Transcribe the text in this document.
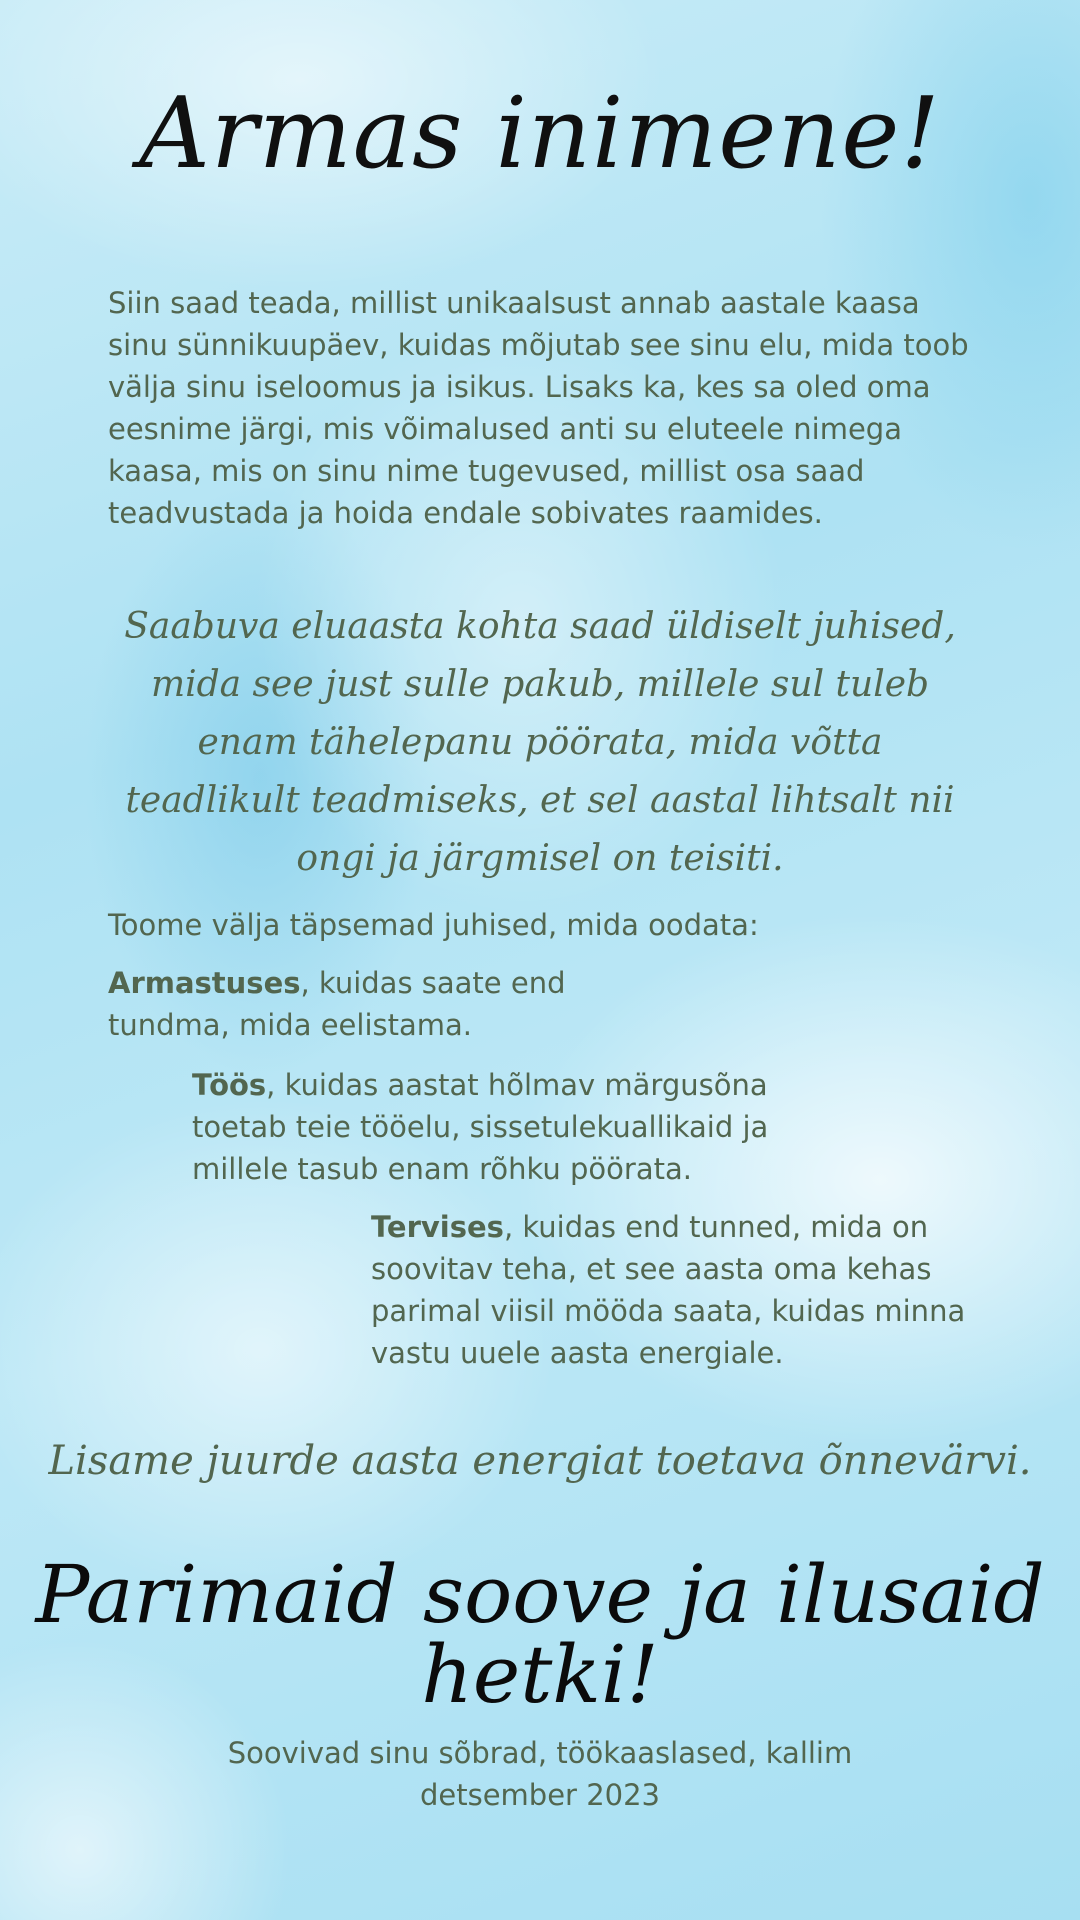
Armas inimene!
Siin saad teada, millist unikaalsust annab aastale kaasa sinu sünnikuupäev, kuidas mõjutab see sinu elu, mida toob välja sinu iseloomus ja isikus. Lisaks ka, kes sa oled oma eesnime järgi, mis võimalused anti su eluteele nimega kaasa, mis on sinu nime tugevused, millist osa saad teadvustada ja hoida endale sobivates raamides.
Saabuva eluaasta kohta saad üldiselt juhised, mida see just sulle pakub, millele sul tuleb enam tähelepanu pöörata, mida võtta teadlikult teadmiseks, et sel aastal lihtsalt nii ongi ja järgmisel on teisiti.
Toome välja täpsemad juhised, mida oodata:
Armastuses, kuidas saate end tundma, mida eelistama.
Töös, kuidas aastat hõlmav märgusõna toetab teie tööelu, sissetulekuallikaid ja millele tasub enam rõhku pöörata.
Tervises, kuidas end tunned, mida on soovitav teha, et see aasta oma kehas parimal viisil mööda saata, kuidas minna vastu uuele aasta energiale.
Lisame juurde aasta energiat toetava õnnevärvi.
Parimaid soove ja ilusaid hetki!
Soovivad sinu sõbrad, töökaaslased, kallim
detsember 2023
